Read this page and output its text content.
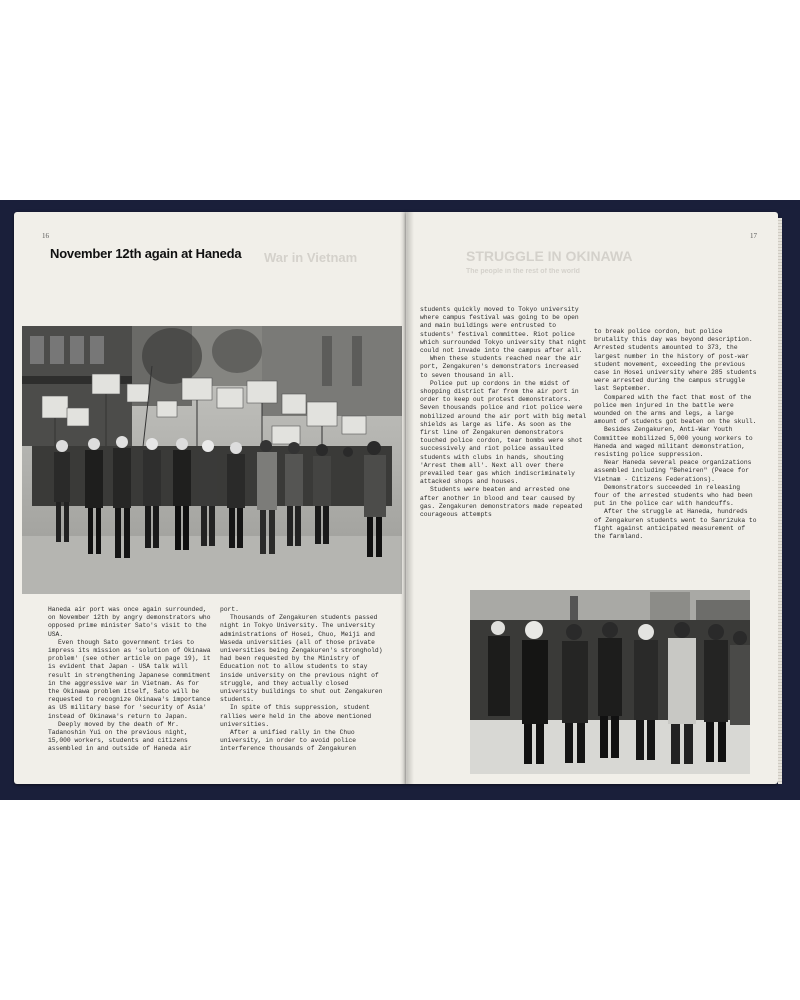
16
War in Vietnam
November 12th again at Haneda

Haneda air port was once again surrounded, on November 12th by angry demonstrators who opposed prime minister Sato's visit to the USA.

Even though Sato government tries to impress its mission as 'solution of Okinawa problem' (see other article on page 19), it is evident that Japan - USA talk will result in strengthening Japanese commitment in the aggressive war in Vietnam. As for the Okinawa problem itself, Sato will be requested to recognize Okinawa's importance as US military base for 'security of Asia' instead of Okinawa's return to Japan.

Deeply moved by the death of Mr. Tadanoshin Yui on the previous night, 15,000 workers, students and citizens assembled in and outside of Haneda air

port.

Thousands of Zengakuren students passed night in Tokyo University. The university administrations of Hosei, Chuo, Meiji and Waseda universities (all of those private universities being Zengakuren's stronghold) had been requested by the Ministry of Education not to allow students to stay inside university on the previous night of struggle, and they actually closed university buildings to shut out Zengakuren students.

In spite of this suppression, student rallies were held in the above mentioned universities.

After a unified rally in the Chuo university, in order to avoid police interference thousands of Zengakuren

17
STRUGGLE IN OKINAWA
The people in the rest of the world

students quickly moved to Tokyo university where campus festival was going to be open and main buildings were entrusted to students' festival committee. Riot police which surrounded Tokyo university that night could not invade into the campus after all.

When these students reached near the air port, Zengakuren's demonstrators increased to seven thousand in all.

Police put up cordons in the midst of shopping district far from the air port in order to keep out protest demonstrators. Seven thousands police and riot police were mobilized around the air port with big metal shields as large as life. As soon as the first line of Zengakuren demonstrators touched police cordon, tear bombs were shot successively and riot police assaulted students with clubs in hands, shouting 'Arrest them all'. Next all over there prevailed tear gas which indiscriminately attacked shops and houses.

Students were beaten and arrested one after another in blood and tear caused by gas. Zengakuren demonstrators made repeated courageous attempts

to break police cordon, but police brutality this day was beyond description. Arrested students amounted to 373, the largest number in the history of post-war student movement, exceeding the previous case in Hosei university where 285 students were arrested during the campus struggle last September.

Compared with the fact that most of the police men injured in the battle were wounded on the arms and legs, a large amount of students got beaten on the skull.

Besides Zengakuren, Anti-War Youth Committee mobilized 5,000 young workers to Haneda and waged militant demonstration, resisting police suppression.

Near Haneda several peace organizations assembled including "Beheiren" (Peace for Vietnam - Citizens Federations).

Demonstrators succeeded in releasing four of the arrested students who had been put in the police car with handcuffs.

After the struggle at Haneda, hundreds of Zengakuren students went to Sanrizuka to fight against anticipated measurement of the farmland.
